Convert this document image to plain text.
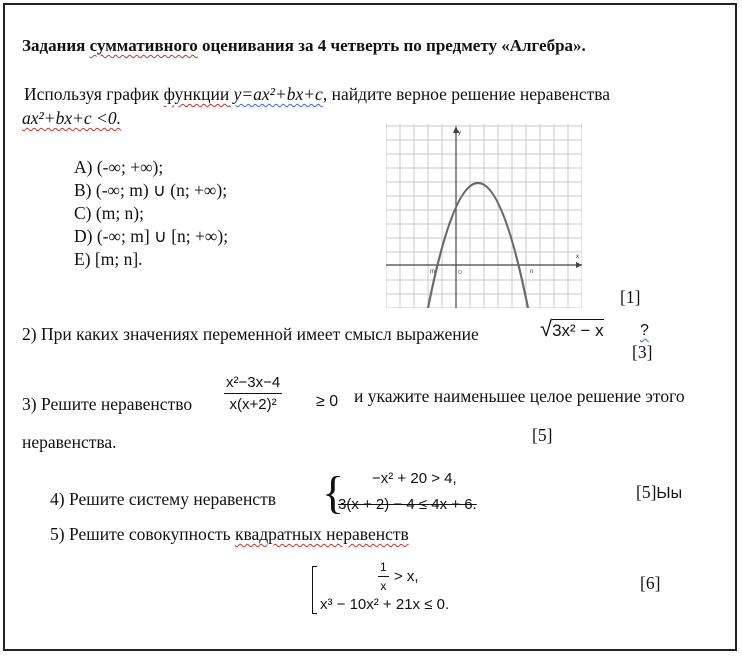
Задания суммативного оценивания за 4 четверть по предмету «Алгебра».
Используя график функции y=ax²+bx+c, найдите верное решение неравенства
ax²+bx+c <0.
A) (-∞; +∞);
B) (-∞; m) ∪ (n; +∞);
C) (m; n);
D) (-∞; m] ∪ [n; +∞);
E) [m; n].	x
y
m	n
O
[1]
2) При каких значениях переменной имеет смысл выражение	√3x² − x ?
[3]
3) Решите неравенство $\frac{\text{x²−3x−4}}{\text{x(x+2)²}} \ge 0$ и укажите наименьшее целое решение этого
неравенства.	[5]
4) Решите систему неравенств { −x² + 20 > 4,
3(x + 2) − 4 ≤ 4x + 6.
[5]Ыы
5) Решите совокупность квадратных неравенств
$\frac{1}{x} > x$,
x³ − 10x² + 21x ≤ 0.
[6]
